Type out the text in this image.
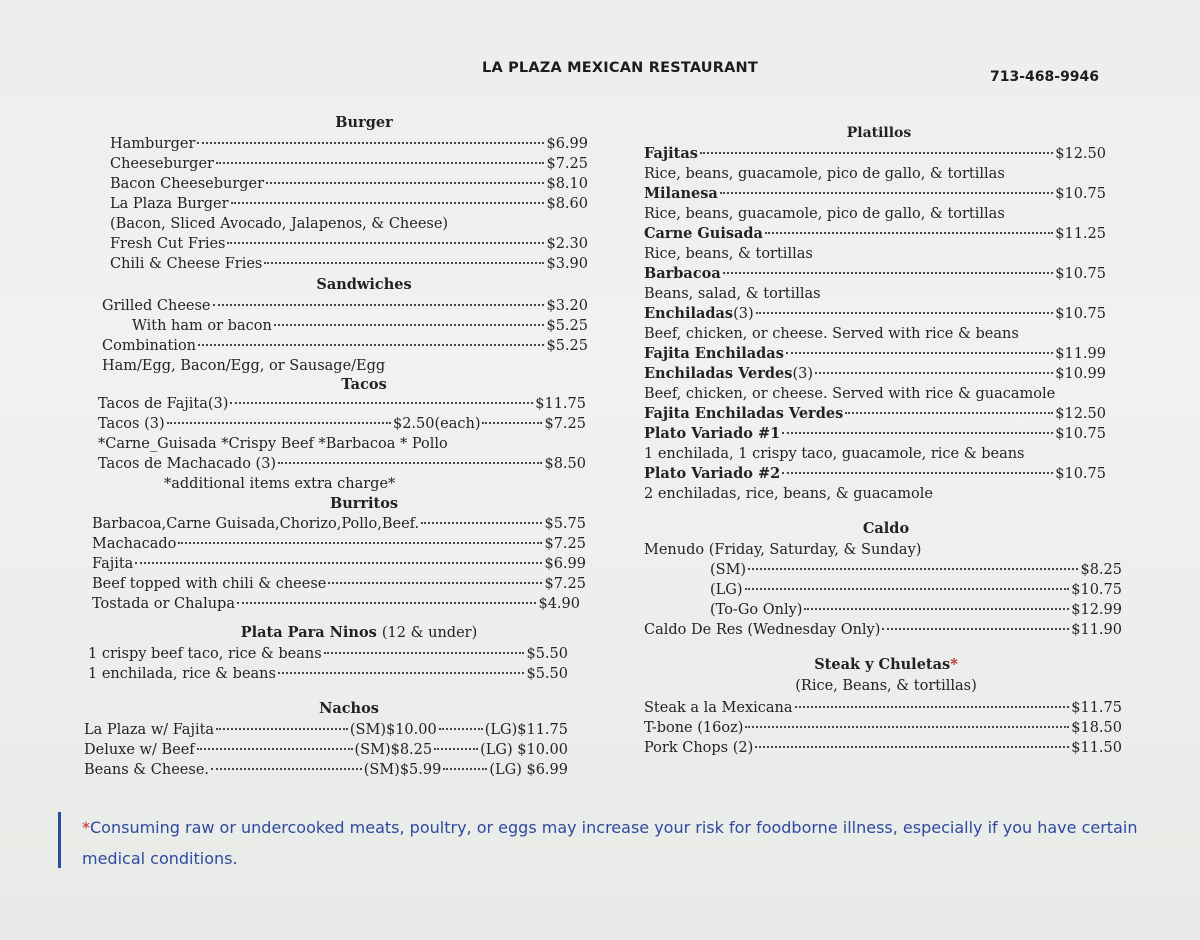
LA PLAZA MEXICAN RESTAURANT
713-468-9946
Burger
Hamburger	$6.99
Cheeseburger	$7.25
Bacon Cheeseburger	$8.10
La Plaza Burger	$8.60
(Bacon, Sliced Avocado, Jalapenos, & Cheese)
Fresh Cut Fries	$2.30
Chili & Cheese Fries	$3.90
Sandwiches
Grilled Cheese	$3.20
With ham or bacon	$5.25
Combination	$5.25
Ham/Egg, Bacon/Egg, or Sausage/Egg
Tacos
Tacos de Fajita(3)	$11.75
Tacos (3)	$2.50(each)	$7.25
*Carne_Guisada *Crispy Beef *Barbacoa * Pollo
Tacos de Machacado (3)	$8.50
*additional items extra charge*
Burritos
Barbacoa,Carne Guisada,Chorizo,Pollo,Beef.	$5.75
Machacado	$7.25
Fajita	$6.99
Beef topped with chili & cheese	$7.25
Tostada or Chalupa	$4.90
Plata Para Ninos (12 & under)
1 crispy beef taco, rice & beans	$5.50
1 enchilada, rice & beans	$5.50
Nachos
La Plaza w/ Fajita	(SM)$10.00	(LG)$11.75
Deluxe w/ Beef	(SM)$8.25	(LG) $10.00
Beans & Cheese.	(SM)$5.99	(LG) $6.99
Platillos
Fajitas	$12.50
Rice, beans, guacamole, pico de gallo, & tortillas
Milanesa	$10.75
Rice, beans, guacamole, pico de gallo, & tortillas
Carne Guisada	$11.25
Rice, beans, & tortillas
Barbacoa	$10.75
Beans, salad, & tortillas
Enchiladas (3)	$10.75
Beef, chicken, or cheese. Served with rice & beans
Fajita Enchiladas	$11.99
Enchiladas Verdes (3)	$10.99
Beef, chicken, or cheese. Served with rice & guacamole
Fajita Enchiladas Verdes	$12.50
Plato Variado #1	$10.75
1 enchilada, 1 crispy taco, guacamole, rice & beans
Plato Variado #2	$10.75
2 enchiladas, rice, beans, & guacamole
Caldo
Menudo (Friday, Saturday, & Sunday)
(SM)	$8.25
(LG)	$10.75
(To-Go Only)	$12.99
Caldo De Res (Wednesday Only)	$11.90
Steak y Chuletas*
(Rice, Beans, & tortillas)
Steak a la Mexicana	$11.75
T-bone (16oz)	$18.50
Pork Chops (2)	$11.50
*Consuming raw or undercooked meats, poultry, or eggs may increase your risk for foodborne illness, especially if you have certain medical conditions.
